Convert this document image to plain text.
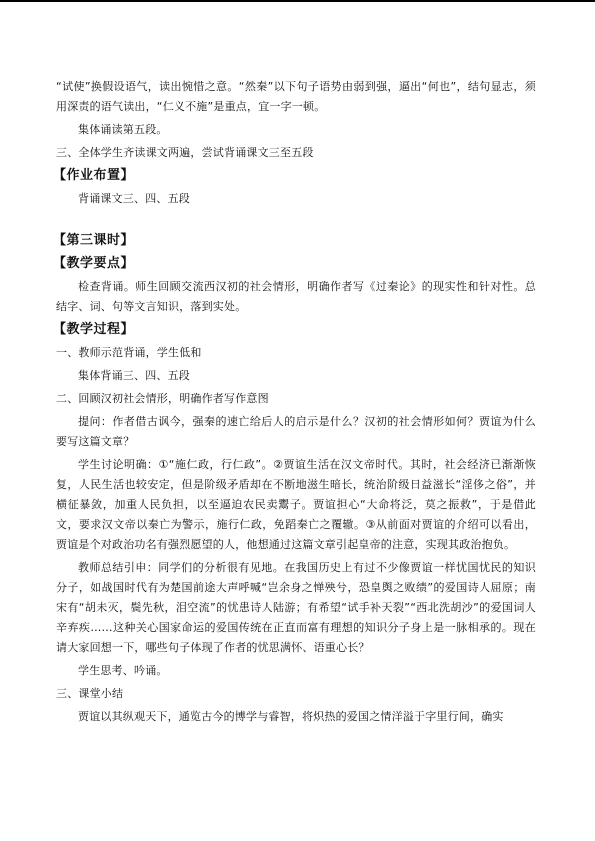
“试使”换假设语气，读出惋惜之意。“然秦”以下句子语势由弱到强，逼出“何也”，结句显志，须用深责的语气读出，“仁义不施”是重点，宜一字一顿。

集体诵读第五段。

三、全体学生齐读课文两遍，尝试背诵课文三至五段

【作业布置】

背诵课文三、四、五段

【第三课时】
【教学要点】

检查背诵。师生回顾交流西汉初的社会情形，明确作者写《过秦论》的现实性和针对性。总结字、词、句等文言知识，落到实处。

【教学过程】

一、教师示范背诵，学生低和

集体背诵三、四、五段

二、回顾汉初社会情形，明确作者写作意图

提问：作者借古讽今，强秦的速亡给后人的启示是什么？汉初的社会情形如何？贾谊为什么要写这篇文章？

学生讨论明确：①“施仁政，行仁政”。②贾谊生活在汉文帝时代。其时，社会经济已渐渐恢复，人民生活也较安定，但是阶级矛盾却在不断地滋生暗长，统治阶级日益滋长“淫侈之俗”，并横征暴敛，加重人民负担，以至逼迫农民卖鬻子。贾谊担心“大命将泛，莫之振救”，于是借此文，要求汉文帝以秦亡为警示，施行仁政，免蹈秦亡之覆辙。③从前面对贾谊的介绍可以看出，贾谊是个对政治功名有强烈愿望的人，他想通过这篇文章引起皇帝的注意，实现其政治抱负。

教师总结引申：同学们的分析很有见地。在我国历史上有过不少像贾谊一样忧国忧民的知识分子，如战国时代有为楚国前途大声呼喊“岂余身之惮殃兮，恐皇舆之败绩”的爱国诗人屈原；南宋有“胡未灭，鬓先秋，泪空流”的忧患诗人陆游；有希望“试手补天裂”“西北洗胡沙”的爱国词人辛弃疾……这种关心国家命运的爱国传统在正直而富有理想的知识分子身上是一脉相承的。现在请大家回想一下，哪些句子体现了作者的忧思满怀、语重心长？

学生思考、吟诵。

三、课堂小结

贾谊以其纵观天下，通览古今的博学与睿智，将炽热的爱国之情洋溢于字里行间，确实
